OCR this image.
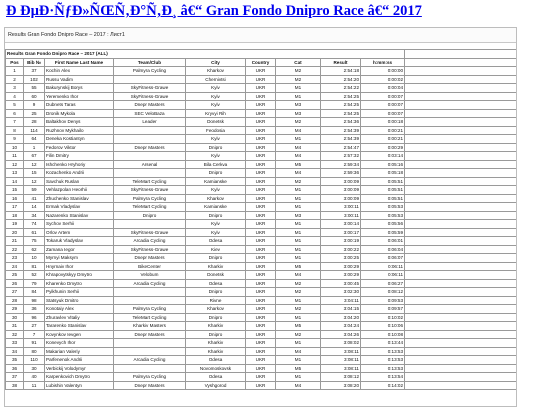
Ð ÐµÐ·ÑƒÐ»ÑŒÑ‚Ð°Ñ‚Ð¸ â€“ Gran Fondo Dnipro Race â€“ 2017
Results Gran Fondo Dnipro Race – 2017 : Лист1
Results Gran Fondo Dnipro Race – 2017 (ALL)									
Pos	Bib №	First Name Last Name	Team/Club	City	Country	Cat	Result	h:mm:ss	
1	37	Kochin Alex	Palmyra Cycling	Kharkov	UKR	M2	2:54:18	0:00:00	
2	102	Russu Vadim		Chernivtsi	UKR	M2	2:54:20	0:00:02	
3	55	Bakurynskij Borys	SkyFitness-Grawe	Kyiv	UKR	M1	2:54:22	0:00:04	
4	60	Yeremenko Ihor	SkyFitness-Grawe	Kyiv	UKR	M1	2:54:25	0:00:07	
5	9	Dubnets Taras	Dnepr Masters	Kyiv	UKR	M3	2:54:25	0:00:07	
6	25	Dronik Mykola	SEC VeloBaza	Kryvyi Rih	UKR	M3	2:54:25	0:00:07	
7	28	Baltakhov Denys	Leader	Donetsk	UKR	M2	2:54:36	0:00:18	
8	114	Ruzhnov Mykhailo		Feodosia	UKR	M4	2:54:39	0:00:21	
9	64	Deneka Kostiantyn		Kyiv	UKR	M1	2:54:39	0:00:21	
10	1	Fedorov Viktor	Dnepr Masters	Dnipro	UKR	M4	2:54:47	0:00:29	
11	67	Filin Dmitry		Kyiv	UKR	M4	2:57:32	0:03:14	
12	12	Ishchenko Hryhoriy	Arsenal	Bila Cerkva	UKR	M5	2:59:34	0:05:16	
13	15	Kozachenko Andrii		Dnipro	UKR	M4	2:59:36	0:05:18	
14	12	Savchuk Ruslan	TeleMart Cycling	Kamianske	UKR	M2	3:00:09	0:05:51	
15	59	Vehlazpolan Heorhii	SkyFitness-Grawe	Kyiv	UKR	M1	3:00:09	0:05:51	
16	41	Zhuchenko Stanislav	Palmyra Cycling	Kharkov	UKR	M1	3:00:09	0:05:51	
17	14	Ermak Vladyslav	TeleMart Cycling	Kamianske	UKR	M1	3:00:11	0:05:53	
18	34	Nazarenko Stanislav	Dnipro	Dnipro	UKR	M3	3:00:11	0:05:53	
19	74	Sychov Serhii		Kyiv	UKR	M1	3:00:14	0:05:56	
20	61	Orlov Artem	SkyFitness-Grawe	Kyiv	UKR	M1	3:00:17	0:05:59	
21	75	Tokaruk Vladyslav	Arcadia Cycling	Odesa	UKR	M1	3:00:19	0:06:01	
22	62	Zamana Iegor	SkyFitness-Grawe	Kiev	UKR	M1	3:00:22	0:06:04	
23	10	Myrnyi Maksym	Dnepr Masters	Dnipro	UKR	M1	3:00:25	0:06:07	
24	81	Hnyrnaiv Ihor	BikeCenter	Kharkiv	UKR	M5	3:00:29	0:06:11	
25	52	Khrapovytskyy Dmytro	Velobum	Donetsk	UKR	M4	3:00:29	0:06:11	
26	79	Kharenko Dmytro	Arcadia Cycling	Odesa	UKR	M2	3:00:45	0:06:27	
27	84	Pyikhunin Serhii		Dnipro	UKR	M2	3:02:30	0:08:12	
28	98	Statsyuk Dmitro		Rivne	UKR	M1	3:04:11	0:09:53	
29	36	Konotaiy Alex	Palmyra Cycling	Kharkov	UKR	M2	3:04:15	0:09:57	
30	96	Zhuravlev Vitaliy	TeleMart Cycling	Dnipro	UKR	M1	3:04:20	0:10:02	
31	27	Tararenko Stanislav	Kharkiv Masters	Kharkiv	UKR	M5	3:04:24	0:10:06	
32	7	Kovynkov Ievgen	Dnepr Masters	Dnipro	UKR	M2	3:04:26	0:10:08	
33	91	Konevych Ihor		Kharkiv	UKR	M1	3:08:02	0:13:44	
34	80	Makarian Valeriy		Kharkiv	UKR	M4	3:08:11	0:13:53	
35	110	Parfenenok Andrii	Arcadia Cycling	Odesa	UKR	M1	3:08:11	0:13:53	
36	30	Verbickij Volodymyr		Novomoskovsk	UKR	M5	3:08:11	0:13:53	
37	40	Karpenkovich Dmytro	Palmyra Cycling	Odesa	UKR	M1	3:08:12	0:13:54	
38	11	Lubishin Valentyn	Dnepr Masters	Vyshgorod	UKR	M4	3:08:20	0:14:02	
